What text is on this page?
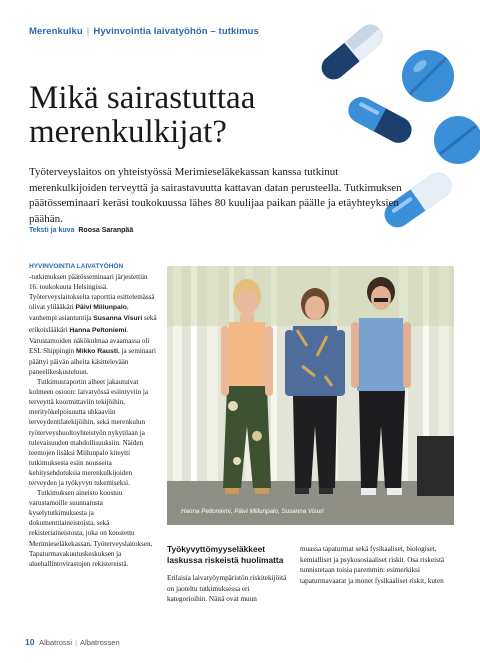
Merenkulku | Hyvinvointia laivatyöhön – tutkimus
Mikä sairastuttaa merenkulkijat?

Työterveyslaitos on yhteistyössä Merimieseläkekassan kanssa tutkinut merenkulkijoiden terveyttä ja sairastavuutta kattavan datan perusteella. Tutkimuksen päätösseminaari keräsi toukokuussa lähes 80 kuulijaa paikan päälle ja etäyhteyksien päähän.

Teksti ja kuva Roosa Saranpää

HYVINVOINTIA LAIVATYÖHÖN
-tutkimuksen päätösseminaari järjestettiin 16. toukokuuta Helsingissä. Työterveyslaitokselta raporttia esittelemässä olivat ylilääkäri Päivi Miilunpalo, vanhempi asiantuntija Susanna Visuri sekä erikoislääkäri Hanna Peltoniemi. Varustamoiden näkökulmaa avaamassa oli ESL Shippingin Mikko Rausti, ja seminaari päättyi päivän aiheita käsittelevään paneelikeskusteluun.

Tutkimusraportin aiheet jakautuivat kolmeen osioon: laivatyössä esiintyviin ja terveyttä kuormittaviin tekijöihin, merityökelpoisuutta uhkaaviin terveydentilatekijöihin, sekä merenkulun työterveyshuoltoyhteistyön nykytilaan ja tulevaisuuden mahdollisuuksiin. Näiden teemojen lisäksi Miilunpalo kiteytti tutkimuksesta esiin nousseita kehitysehdotuksia merenkulkijoiden terveyden ja työkyvyn tukemiseksi.

Tutkimuksen aineisto koostuu varustamoille suunnatusta kyselytutkimuksesta ja dokumenttiaineistoista, sekä rekisteriaineistosta, joka on koostettu Merimieseläkekassan, Työterveyslaitoksen, Tapaturmavakuutuskeskuksen ja aluehallintovirastojen rekistereistä.

Hanna Peltoniemi, Päivi Miilunpalo, Susanna Visuri
Työkyvyttömyyseläkkeet laskussa riskeistä huolimatta

Erilaisia laivatyöympäristön riskitekijöitä on jaoteltu tutkimuksessa eri kategorioihin. Näitä ovat muun

muassa tapaturmat sekä fysikaaliset, biologiset, kemialliset ja psykososiaaliset riskit. Osa riskeistä tunnistetaan toisia paremmin: esimerkiksi tapaturmavaarat ja monet fysikaaliset riskit, kuten

10 Albatrossi | Albatrossen
